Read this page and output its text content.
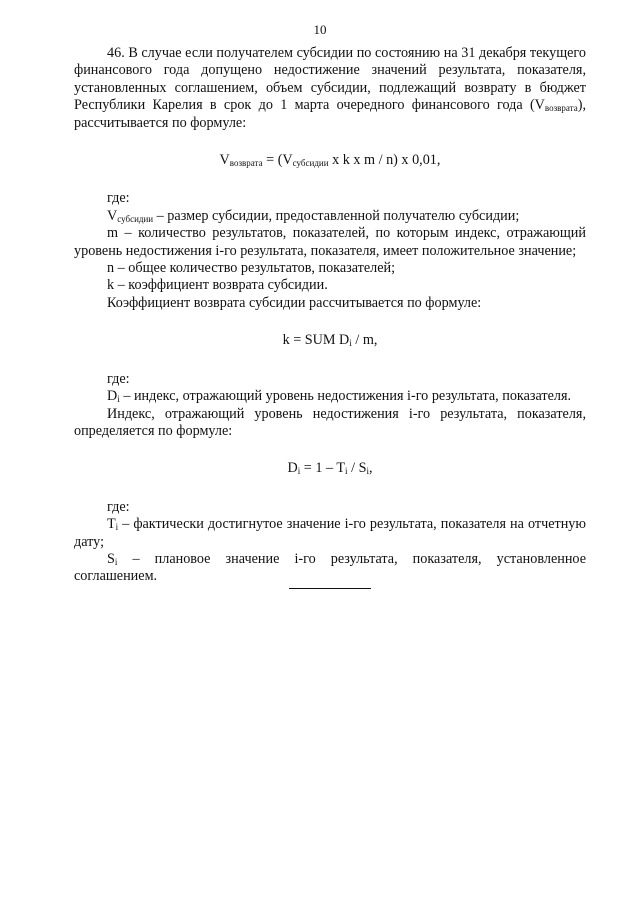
10

46. В случае если получателем субсидии по состоянию на 31 декабря текущего финансового года допущено недостижение значений результата, показателя, установленных соглашением, объем субсидии, подлежащий возврату в бюджет Республики Карелия в срок до 1 марта очередного финансового года $(V_{возврата})$, рассчитывается по формуле:

$V_{возврата} = (V_{субсидии}$ x k x m / n) x 0,01,

где:

$V_{субсидии}$ – размер субсидии, предоставленной получателю субсидии;

m – количество результатов, показателей, по которым индекс, отражающий уровень недостижения i-го результата, показателя, имеет положительное значение;

n – общее количество результатов, показателей;

k – коэффициент возврата субсидии.

Коэффициент возврата субсидии рассчитывается по формуле:

k = SUM $D_i$ / m,

где:

$D_i$ – индекс, отражающий уровень недостижения i-го результата, показателя.

Индекс, отражающий уровень недостижения i-го результата, показателя, определяется по формуле:

$D_i = 1 - T_i / S_i$,

где:

$T_i$ – фактически достигнутое значение i-го результата, показателя на отчетную дату;

$S_i$ – плановое значение i-го результата, показателя, установленное соглашением.
